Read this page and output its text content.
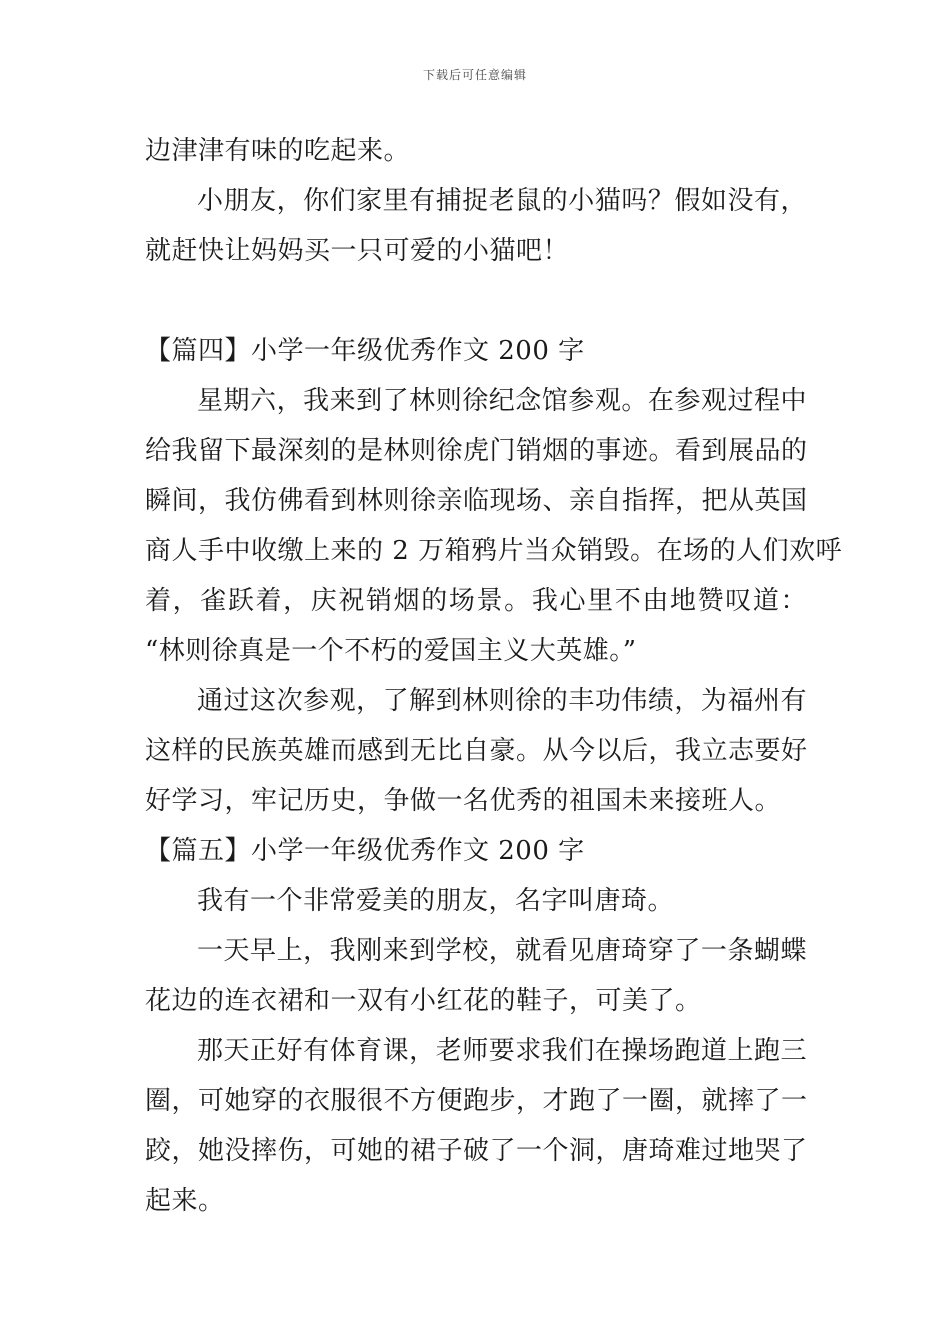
下载后可任意编辑
边津津有味的吃起来。
小朋友，你们家里有捕捉老鼠的小猫吗？假如没有，
就赶快让妈妈买一只可爱的小猫吧！
【篇四】小学一年级优秀作文 200 字
星期六，我来到了林则徐纪念馆参观。在参观过程中
给我留下最深刻的是林则徐虎门销烟的事迹。看到展品的
瞬间，我仿佛看到林则徐亲临现场、亲自指挥，把从英国
商人手中收缴上来的 2 万箱鸦片当众销毁。在场的人们欢呼
着，雀跃着，庆祝销烟的场景。我心里不由地赞叹道：
“林则徐真是一个不朽的爱国主义大英雄。”
通过这次参观，了解到林则徐的丰功伟绩，为福州有
这样的民族英雄而感到无比自豪。从今以后，我立志要好
好学习，牢记历史，争做一名优秀的祖国未来接班人。
【篇五】小学一年级优秀作文 200 字
我有一个非常爱美的朋友，名字叫唐琦。
一天早上，我刚来到学校，就看见唐琦穿了一条蝴蝶
花边的连衣裙和一双有小红花的鞋子，可美了。
那天正好有体育课，老师要求我们在操场跑道上跑三
圈，可她穿的衣服很不方便跑步，才跑了一圈，就摔了一
跤，她没摔伤，可她的裙子破了一个洞，唐琦难过地哭了
起来。
